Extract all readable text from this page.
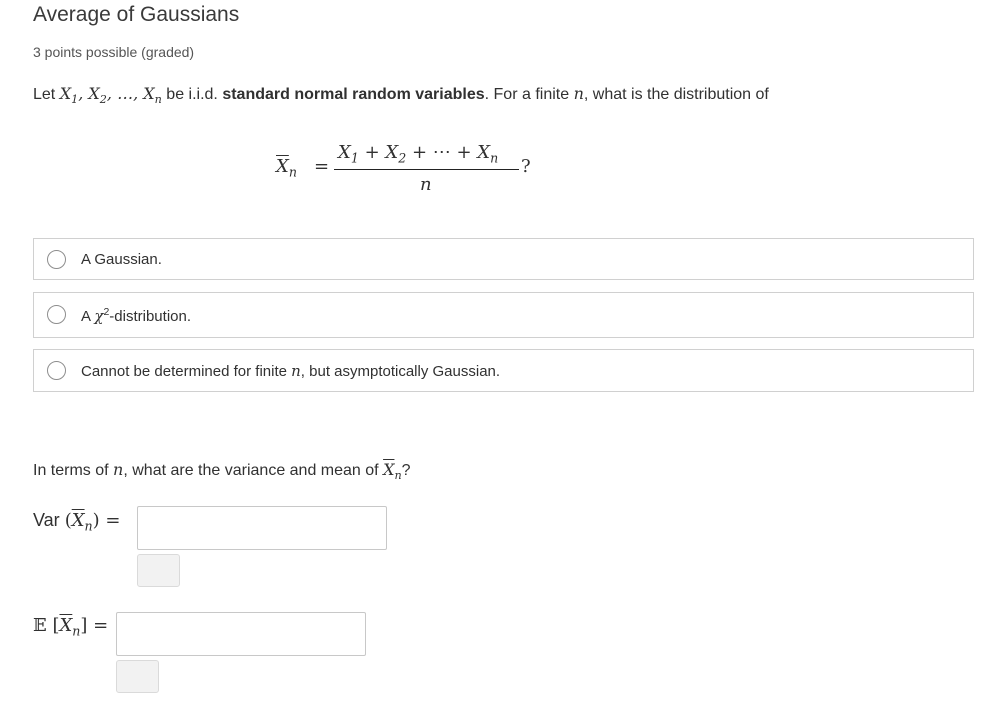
Average of Gaussians
3 points possible (graded)
Let $X_1$, $X_2$, …, $X_n$ be i.i.d. standard normal random variables. For a finite n, what is the distribution of
$\overline{X}_n$ =
$X_1 + X_2$ + ⋯ + $X_n$
n
?
A Gaussian.
A $\chi^2$-distribution.
Cannot be determined for finite n, but asymptotically Gaussian.
In terms of n, what are the variance and mean of $\overline{X}_n$?
Var $(\overline{X}_n)$ =
𝔼 $[\overline{X}_n]$ =
